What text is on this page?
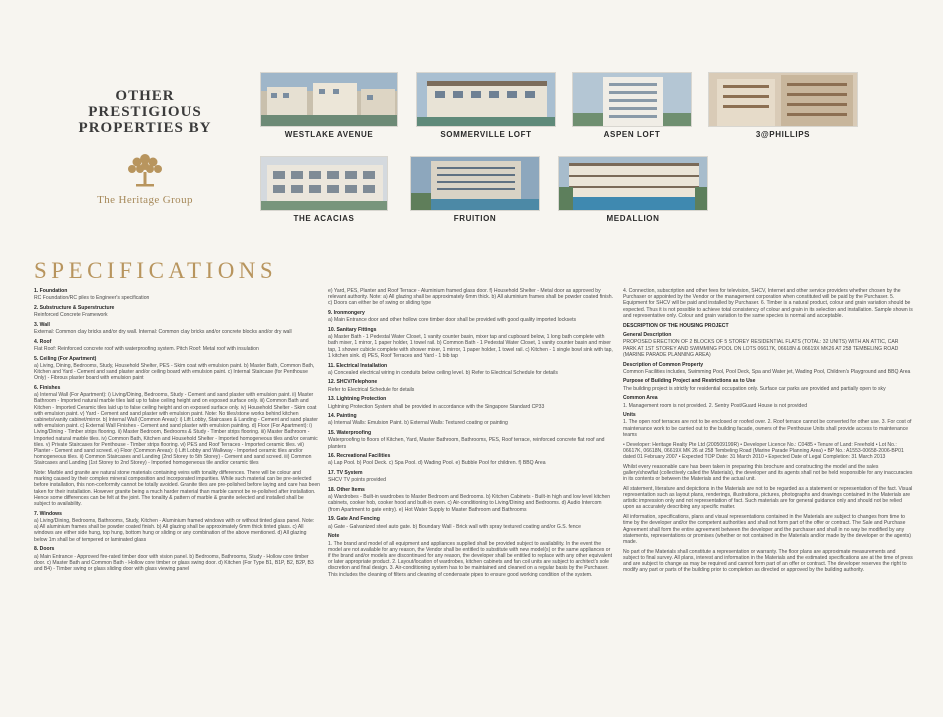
OTHER
PRESTIGIOUS
PROPERTIES BY
The Heritage Group
WESTLAKE AVENUE	SOMMERVILLE LOFT	ASPEN LOFT	3@PHILLIPS
THE ACACIAS	FRUITION	MEDALLION
SPECIFICATIONS
1. Foundation
RC Foundation/RC piles to Engineer's specification
2. Substructure & Superstructure
Reinforced Concrete Framework
3. Wall
External: Common clay bricks and/or dry wall. Internal: Common clay bricks and/or concrete blocks and/or dry wall
4. Roof
Flat Roof: Reinforced concrete roof with waterproofing system. Pitch Roof: Metal roof with insulation
5. Ceiling (For Apartment)
a) Living, Dining, Bedrooms, Study, Household Shelter, PES - Skim coat with emulsion paint. b) Master Bath, Common Bath, Kitchen and Yard - Cement and sand plaster and/or ceiling board with emulsion paint. c) Internal Staircase (for Penthouse Only) - Fibrous plaster board with emulsion paint
6. Finishes
a) Internal Wall (For Apartment): i) Living/Dining, Bedrooms, Study - Cement and sand plaster with emulsion paint. ii) Master Bathroom - Imported natural marble tiles laid up to false ceiling height and on exposed surface only. iii) Common Bath and Kitchen - Imported Ceramic tiles laid up to false ceiling height and on exposed surface only. iv) Household Shelter - Skim coat with emulsion paint. v) Yard - Cement and sand plaster with emulsion paint. Note: No tiles/stone works behind kitchen cabinets/vanity cabinet/mirror. b) Internal Wall (Common Areas): i) Lift Lobby, Staircases & Landing - Cement and sand plaster with emulsion paint. c) External Wall Finishes - Cement and sand plaster with emulsion painting. d) Floor (For Apartment): i) Living/Dining - Timber strips flooring. ii) Master Bedroom, Bedrooms & Study - Timber strips flooring. iii) Master Bathroom - Imported natural marble tiles. iv) Common Bath, Kitchen and Household Shelter - Imported homogeneous tiles and/or ceramic tiles. v) Private Staircases for Penthouse - Timber strips flooring. vi) PES and Roof Terraces - Imported ceramic tiles. vii) Planter - Cement and sand screed. e) Floor (Common Areas): i) Lift Lobby and Walkway - Imported ceramic tiles and/or homogeneous tiles. ii) Common Staircases and Landing (2nd Storey to 5th Storey) - Cement and sand screed. iii) Common Staircases and Landing (1st Storey to 2nd Storey) - Imported homogeneous tile and/or ceramic tiles
Note: Marble and granite are natural stone materials containing veins with tonality differences. There will be colour and marking caused by their complex mineral composition and incorporated impurities. While such material can be pre-selected before installation, this non-conformity cannot be totally avoided. Granite tiles are pre-polished before laying and care has been taken for their installation. However granite being a much harder material than marble cannot be re-polished after installation. Hence some differences can be felt at the joint. The tonality & pattern of marble & granite selected and installed shall be subject to availability.
7. Windows
a) Living/Dining, Bedrooms, Bathrooms, Study, Kitchen - Aluminium framed windows with or without tinted glass panel. Note: a) All aluminium frames shall be powder coated finish. b) All glazing shall be approximately 6mm thick tinted glass. c) All windows are either side hung, top hung, bottom hung or sliding or any combination of the above mentioned. d) All glazing below 1m shall be of tempered or laminated glass
8. Doors
a) Main Entrance - Approved fire-rated timber door with vision panel. b) Bedrooms, Bathrooms, Study - Hollow core timber door. c) Master Bath and Common Bath - Hollow core timber or glass swing door. d) Kitchen (For Type B1, B1P, B2, B2P, B3 and B4) - Timber swing or glass sliding door with glass viewing panel
e) Yard, PES, Planter and Roof Terrace - Aluminium framed glass door. f) Household Shelter - Metal door as approved by relevant authority. Note: a) All glazing shall be approximately 6mm thick. b) All aluminium frames shall be powder coated finish. c) Doors can either be of swing or sliding type
9. Ironmongery
a) Main Entrance door and other hollow core timber door shall be provided with good quality imported locksets
10. Sanitary Fittings
a) Master Bath - 1 Pedestal Water Closet, 1 vanity counter basin, mixer tap and cupboard below, 1 long bath complete with bath mixer, 1 mirror, 1 paper holder, 1 towel rail. b) Common Bath - 1 Pedestal Water Closet, 1 vanity counter basin and mixer tap, 1 shower cubicle complete with shower mixer, 1 mirror, 1 paper holder, 1 towel rail. c) Kitchen - 1 single bowl sink with tap, 1 kitchen sink. d) PES, Roof Terraces and Yard - 1 bib tap
11. Electrical Installation
a) Concealed electrical wiring in conduits below ceiling level. b) Refer to Electrical Schedule for details
12. SHCV/Telephone
Refer to Electrical Schedule for details
13. Lightning Protection
Lightning Protection System shall be provided in accordance with the Singapore Standard CP33
14. Painting
a) Internal Walls: Emulsion Paint. b) External Walls: Textured coating or painting
15. Waterproofing
Waterproofing to floors of Kitchen, Yard, Master Bathroom, Bathrooms, PES, Roof terrace, reinforced concrete flat roof and planters
16. Recreational Facilities
a) Lap Pool. b) Pool Deck. c) Spa Pool. d) Wading Pool. e) Bubble Pool for children. f) BBQ Area
17. TV System
SHCV TV points provided
18. Other Items
a) Wardrobes - Built-in wardrobes to Master Bedroom and Bedrooms. b) Kitchen Cabinets - Built-in high and low level kitchen cabinets, cooker hob, cooker hood and built-in oven. c) Air-conditioning to Living/Dining and Bedrooms. d) Audio Intercom (from Apartment to gate entry). e) Hot Water Supply to Master Bathroom and Bathrooms
19. Gate And Fencing
a) Gate - Galvanized steel auto gate. b) Boundary Wall - Brick wall with spray textured coating and/or G.S. fence
Note
1. The brand and model of all equipment and appliances supplied shall be provided subject to availability. In the event the model are not available for any reason, the Vendor shall be entitled to substitute with new model(s) or the same appliances or if the brand and/or models are discontinued for any reason, the developer shall be entitled to replace with any other equivalent or later appropriate product. 2. Layout/location of wardrobes, kitchen cabinets and fan coil units are subject to architect's sole discretion and final design. 3. Air-conditioning system has to be maintained and cleaned on a regular basis by the Purchaser. This includes the cleaning of filters and cleaning of condensate pipes to ensure good working condition of the system.
4. Connection, subscription and other fees for television, SHCV, Internet and other service providers whether chosen by the Purchaser or appointed by the Vendor or the management corporation when constituted will be paid by the Purchaser. 5. Equipment for SHCV will be paid and installed by Purchaser. 6. Timber is a natural product, colour and grain variation should be expected. Thus it is not possible to achieve total consistency of colour and grain in its selection and installation. Sample shown is and representative only. Colour and grain variation to the same species is normal and acceptable.
DESCRIPTION OF THE HOUSING PROJECT
General Description
PROPOSED ERECTION OF 2 BLOCKS OF 5 STOREY RESIDENTIAL FLATS (TOTAL: 32 UNITS) WITH AN ATTIC, CAR PARK AT 1ST STOREY AND SWIMMING POOL ON LOTS 06617K, 06618N & 06619X MK26 AT 258 TEMBELING ROAD (MARINE PARADE PLANNING AREA)
Description of Common Property
Common Facilities includes, Swimming Pool, Pool Deck, Spa and Water jet, Wading Pool, Children's Playground and BBQ Area
Purpose of Building Project and Restrictions as to Use
The building project is strictly for residential occupation only. Surface car parks are provided and partially open to sky
Common Area
1. Management room is not provided. 2. Sentry Post/Guard House is not provided
Units
1. The open roof terraces are not to be enclosed or roofed over. 2. Roof terrace cannot be converted for other use. 3. For cost of maintenance work to be carried out to the building facade, owners of the Penthouse Units shall provide access to maintenance teams
• Developer: Heritage Realty Pte Ltd (200509199R) • Developer Licence No.: C0485 • Tenure of Land: Freehold • Lot No.: 06617K, 06618N, 06619X MK 26 at 258 Tembeling Road (Marine Parade Planning Area) • BP No.: A1553-00658-2006-BP01 dated 01 February 2007 • Expected TOP Date: 31 March 2010 • Expected Date of Legal Completion: 31 March 2013
Whilst every reasonable care has been taken in preparing this brochure and constructing the model and the sales gallery/showflat (collectively called the Materials), the developer and its agents shall not be held responsible for any inaccuracies in its contents or between the Materials and the actual unit.
All statement, literature and depictions in the Materials are not to be regarded as a statement or representation of the fact. Visual representation such as layout plans, renderings, illustrations, pictures, photographs and drawings contained in the Materials are artistic impression only and not representation of fact. Such materials are for general guidance only and should not be relied upon as accurately describing any specific matter.
All information, specifications, plans and visual representations contained in the Materials are subject to changes from time to time by the developer and/or the competent authorities and shall not form part of the offer or contract. The Sale and Purchase Agreement shall form the entire agreement between the developer and the purchaser and shall in no way be modified by any statements, representations or promises (whether or not contained in the Materials and/or made by the developer or the agents) made.
No part of the Materials shall constitute a representation or warranty. The floor plans are approximate measurements and subject to final survey. All plans, interest and information in the Materials and the estimated specifications are at the time of press and are subject to change as may be required and cannot form part of an offer or contract. The developer reserves the right to modify any part or parts of the building prior to completion as directed or approved by the building authority.
